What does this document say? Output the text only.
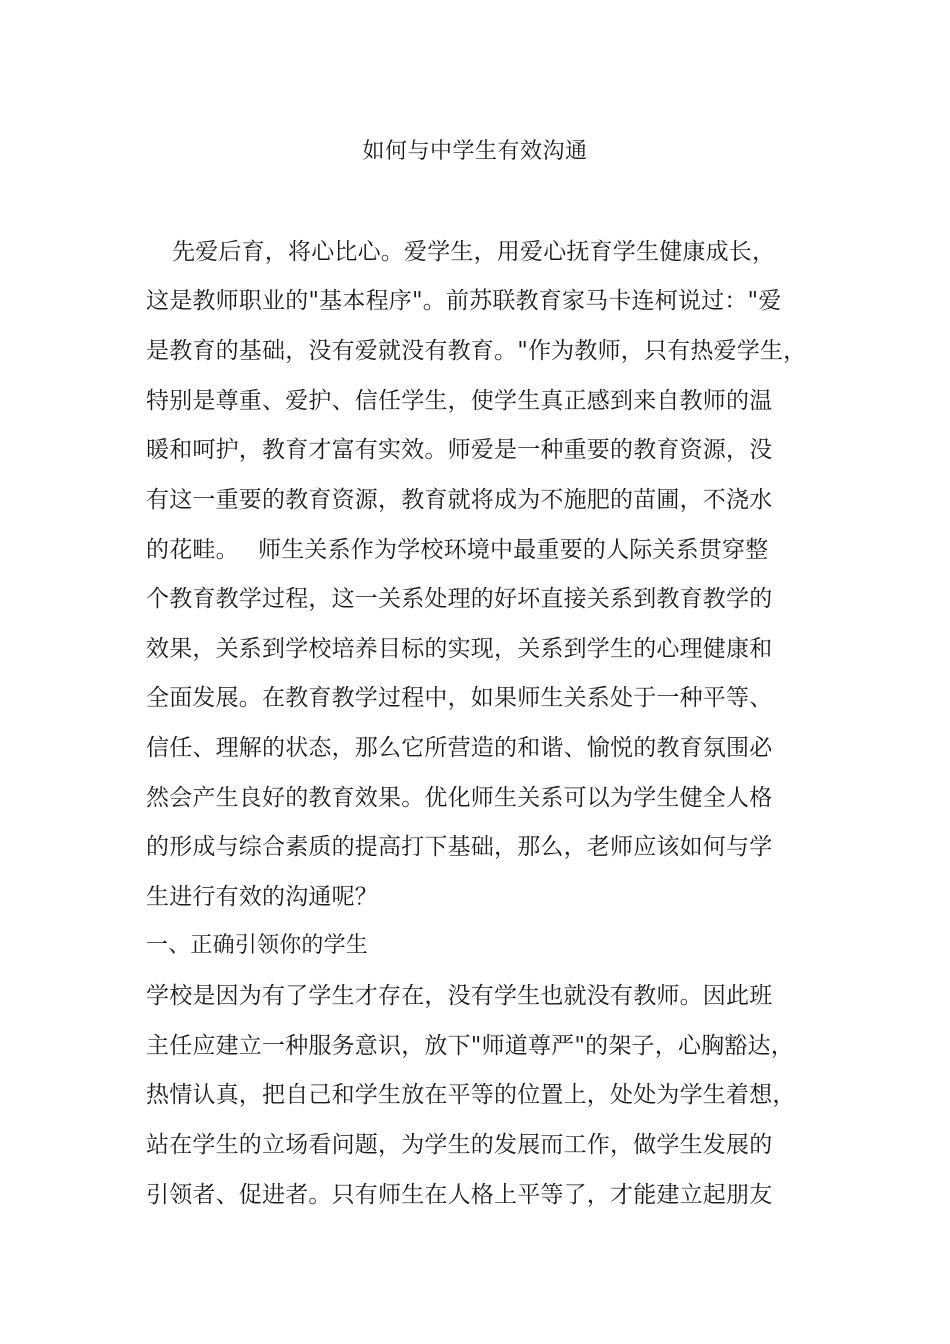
如何与中学生有效沟通
先爱后育，将心比心。爱学生，用爱心抚育学生健康成长，
这是教师职业的"基本程序"。前苏联教育家马卡连柯说过："爱
是教育的基础，没有爱就没有教育。"作为教师，只有热爱学生，
特别是尊重、爱护、信任学生，使学生真正感到来自教师的温
暖和呵护，教育才富有实效。师爱是一种重要的教育资源，没
有这一重要的教育资源，教育就将成为不施肥的苗圃，不浇水
的花畦。　 师生关系作为学校环境中最重要的人际关系贯穿整
个教育教学过程，这一关系处理的好坏直接关系到教育教学的
效果，关系到学校培养目标的实现，关系到学生的心理健康和
全面发展。在教育教学过程中，如果师生关系处于一种平等、
信任、理解的状态，那么它所营造的和谐、愉悦的教育氛围必
然会产生良好的教育效果。优化师生关系可以为学生健全人格
的形成与综合素质的提高打下基础，那么，老师应该如何与学
生进行有效的沟通呢？
一、正确引领你的学生
学校是因为有了学生才存在，没有学生也就没有教师。因此班
主任应建立一种服务意识，放下"师道尊严"的架子，心胸豁达，
热情认真，把自己和学生放在平等的位置上，处处为学生着想，
站在学生的立场看问题，为学生的发展而工作，做学生发展的
引领者、促进者。只有师生在人格上平等了，才能建立起朋友
